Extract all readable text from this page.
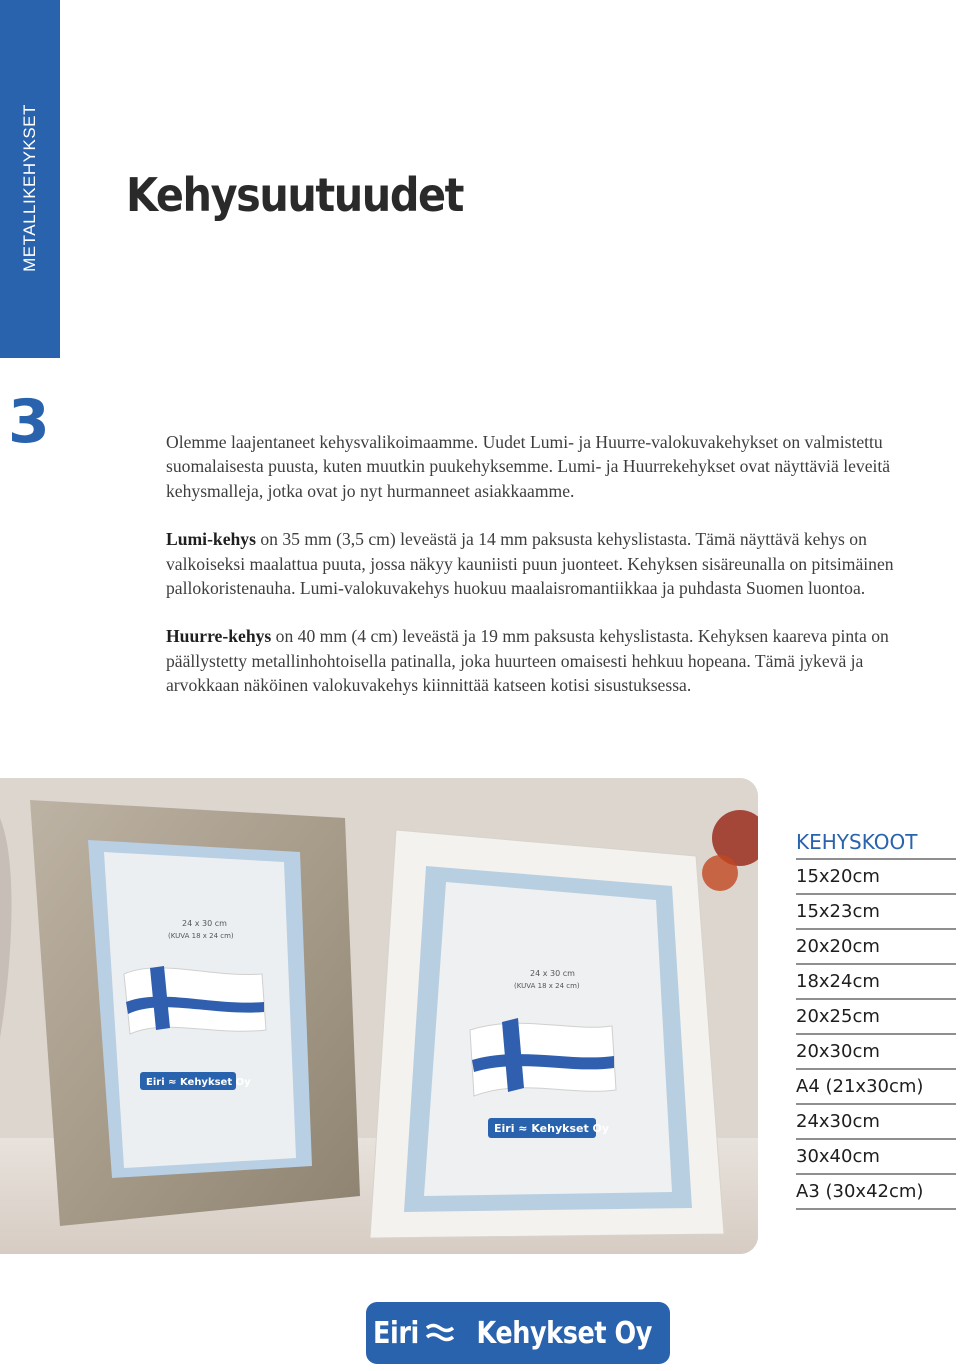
METALLIKEHYKSET
3
Kehysuutuudet

Olemme laajentaneet kehysvalikoimaamme. Uudet Lumi- ja Huurre-valokuvakehykset on valmistettu suomalaisesta puusta, kuten muutkin puukehyksemme. Lumi- ja Huurrekehykset ovat näyttäviä leveitä kehysmalleja, jotka ovat jo nyt hurmanneet asiakkaamme.

Lumi-kehys on 35 mm (3,5 cm) leveästä ja 14 mm paksusta kehyslistasta. Tämä näyttävä kehys on valkoiseksi maalattua puuta, jossa näkyy kauniisti puun juonteet. Kehyksen sisäreunalla on pitsimäinen pallokoristenauha. Lumi-valokuvakehys huokuu maalaisromantiikkaa ja puhdasta Suomen luontoa.

Huurre-kehys on 40 mm (4 cm) leveästä ja 19 mm paksusta kehyslistasta. Kehyksen kaareva pinta on päällystetty metallinhohtoisella patinalla, joka huurteen omaisesti hehkuu hopeana. Tämä jykevä ja arvokkaan näköinen valokuvakehys kiinnittää katseen kotisi sisustuksessa.

24 x 30 cm
(KUVA 18 x 24 cm)
Eiri ≈ Kehykset Oy
24 x 30 cm
(KUVA 18 x 24 cm)
Eiri ≈ Kehykset Oy
KEHYSKOOT
15x20cm
15x23cm
20x20cm
18x24cm
20x25cm
20x30cm
A4 (21x30cm)
24x30cm
30x40cm
A3 (30x42cm)
Eiri Kehykset Oy
